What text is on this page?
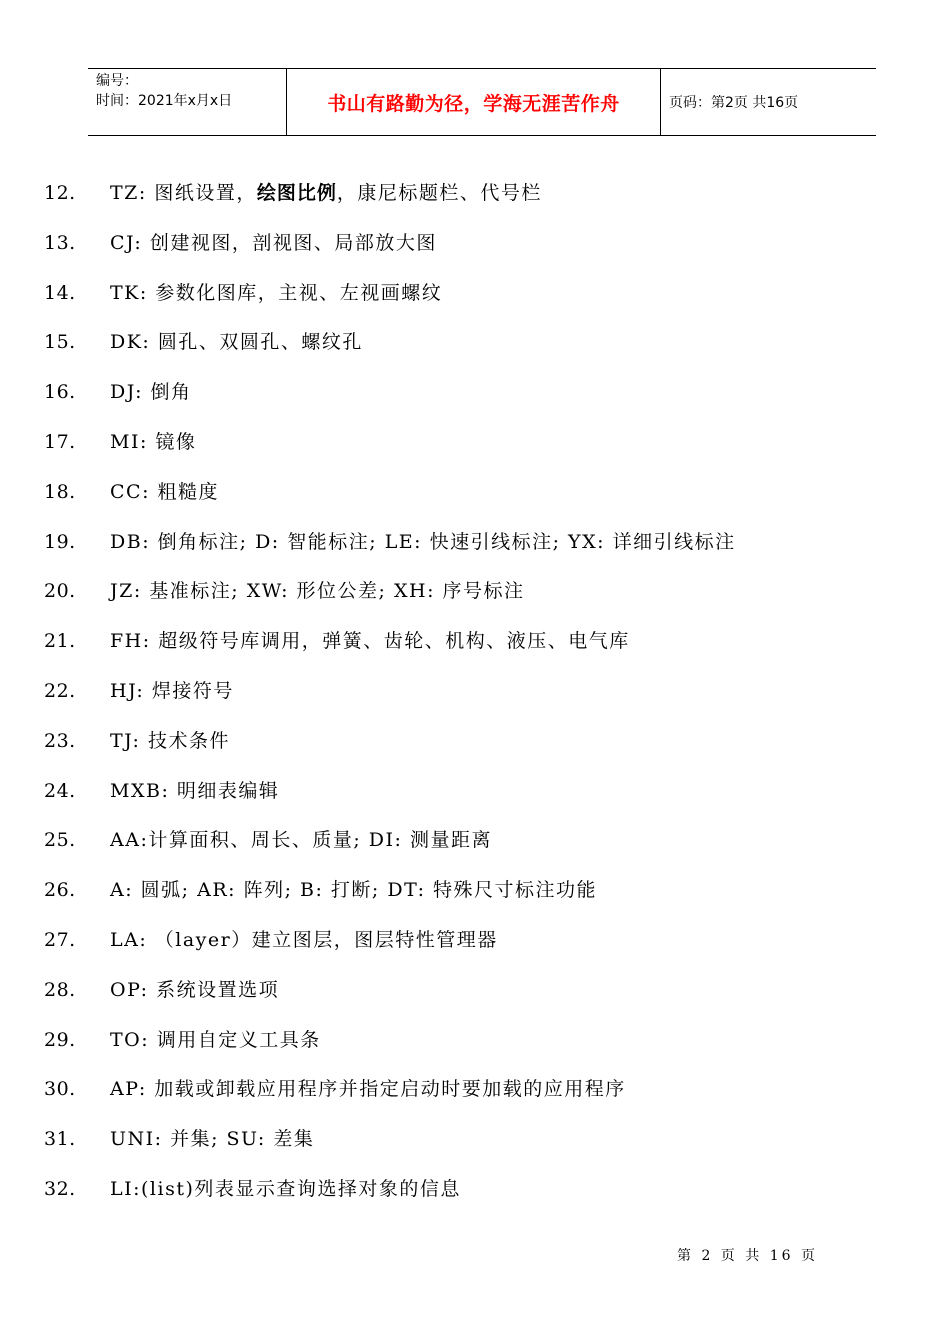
编号：
时间：2021年x月x日	书山有路勤为径，学海无涯苦作舟	页码：第2页 共16页
12.	TZ: 图纸设置，绘图比例，康尼标题栏、代号栏
13.	CJ: 创建视图，剖视图、局部放大图
14.	TK: 参数化图库，主视、左视画螺纹
15.	DK: 圆孔、双圆孔、螺纹孔
16.	DJ: 倒角
17.	MI: 镜像
18.	CC: 粗糙度
19.	DB: 倒角标注; D: 智能标注; LE: 快速引线标注; YX: 详细引线标注
20.	JZ: 基准标注; XW: 形位公差; XH: 序号标注
21.	FH: 超级符号库调用，弹簧、齿轮、机构、液压、电气库
22.	HJ: 焊接符号
23.	TJ: 技术条件
24.	MXB: 明细表编辑
25.	AA:计算面积、周长、质量; DI: 测量距离
26.	A: 圆弧; AR: 阵列; B: 打断; DT: 特殊尺寸标注功能
27.	LA: （layer）建立图层，图层特性管理器
28.	OP: 系统设置选项
29.	TO: 调用自定义工具条
30.	AP: 加载或卸载应用程序并指定启动时要加载的应用程序
31.	UNI: 并集; SU: 差集
32.	LI:(list)列表显示查询选择对象的信息
第 2 页 共 16 页
